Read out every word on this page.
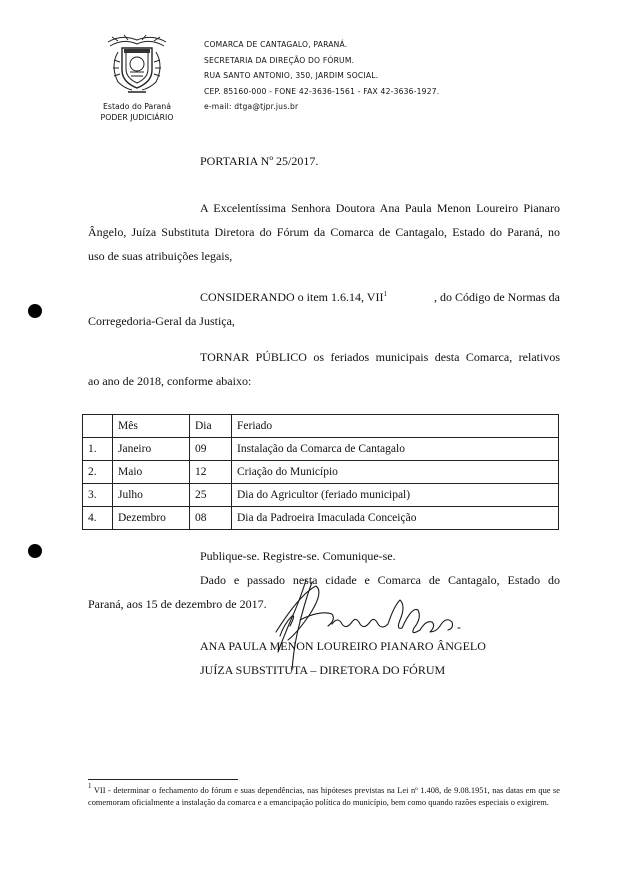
COMARCA DE CANTAGALO, PARANÁ.
SECRETARIA DA DIREÇÃO DO FÓRUM.
RUA SANTO ANTONIO, 350, JARDIM SOCIAL.
CEP. 85160-000 - FONE 42-3636-1561 - FAX 42-3636-1927.
e-mail: dtga@tjpr.jus.br
Estado do Paraná
PODER JUDICIÁRIO
PORTARIA Nº 25/2017.
A Excelentíssima Senhora Doutora Ana Paula Menon Loureiro Pianaro
Ângelo, Juíza Substituta Diretora do Fórum da Comarca de Cantagalo, Estado do Paraná, no
uso de suas atribuições legais,
CONSIDERANDO o item 1.6.14, VII$^1$	, do Código de Normas da
Corregedoria-Geral da Justiça,
TORNAR PÚBLICO os feriados municipais desta Comarca, relativos
ao ano de 2018, conforme abaixo:
	Mês	Dia	Feriado
1.	Janeiro	09	Instalação da Comarca de Cantagalo
2.	Maio	12	Criação do Município
3.	Julho	25	Dia do Agricultor (feriado municipal)
4.	Dezembro	08	Dia da Padroeira Imaculada Conceição
Publique-se. Registre-se. Comunique-se.
Dado e passado nesta cidade e Comarca de Cantagalo, Estado do
Paraná, aos 15 de dezembro de 2017.
ANA PAULA MENON LOUREIRO PIANARO ÂNGELO
JUÍZA SUBSTITUTA – DIRETORA DO FÓRUM
$^1$ VII - determinar o fechamento do fórum e suas dependências, nas hipóteses previstas na Lei nº 1.408, de 9.08.1951, nas datas em que se comemoram oficialmente a instalação da comarca e a emancipação política do município, bem como quando razões especiais o exigirem.
